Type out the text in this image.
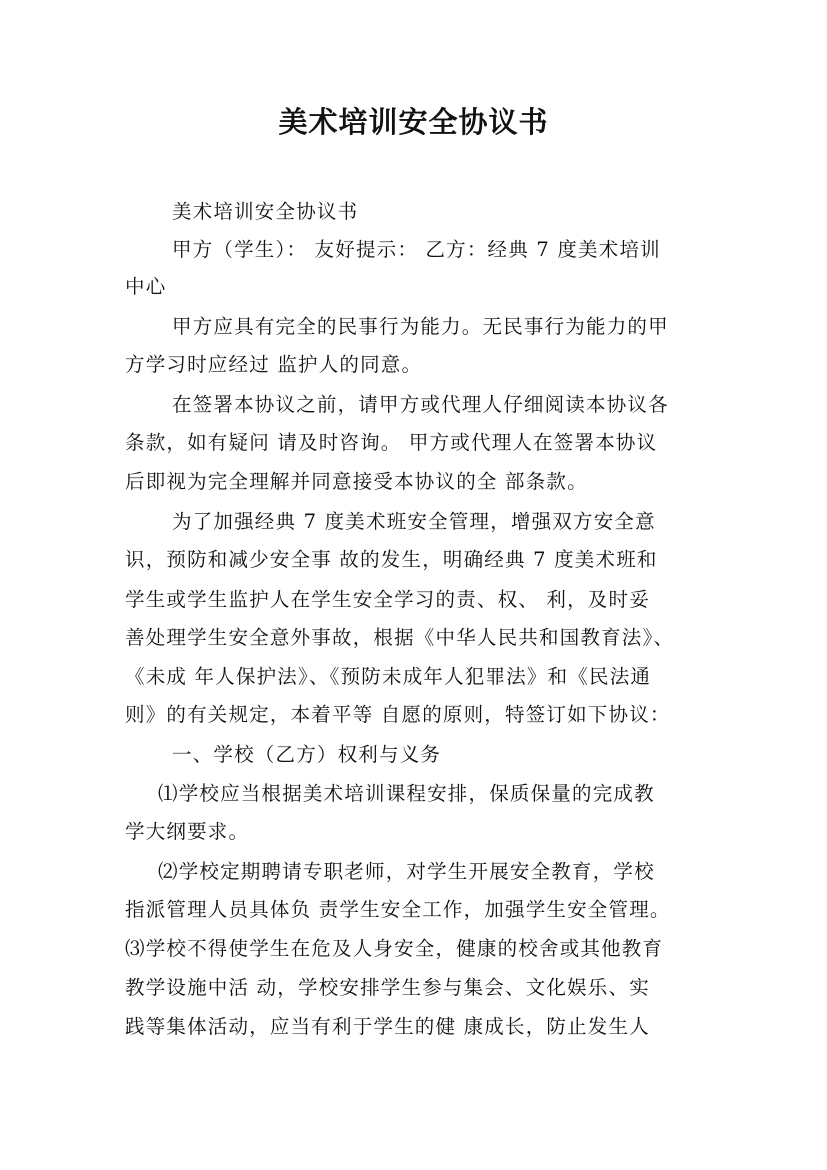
美术培训安全协议书
美术培训安全协议书
甲方（学生）： 友好提示： 乙方：经典 7 度美术培训
中心
甲方应具有完全的民事行为能力。无民事行为能力的甲
方学习时应经过 监护人的同意。
在签署本协议之前，请甲方或代理人仔细阅读本协议各
条款，如有疑问 请及时咨询。 甲方或代理人在签署本协议
后即视为完全理解并同意接受本协议的全 部条款。
为了加强经典 7 度美术班安全管理，增强双方安全意
识，预防和减少安全事 故的发生，明确经典 7 度美术班和
学生或学生监护人在学生安全学习的责、权、 利，及时妥
善处理学生安全意外事故，根据《中华人民共和国教育法》、
《未成 年人保护法》、《预防未成年人犯罪法》和《民法通
则》的有关规定，本着平等 自愿的原则，特签订如下协议：
一、学校（乙方）权利与义务
⑴学校应当根据美术培训课程安排，保质保量的完成教
学大纲要求。
⑵学校定期聘请专职老师，对学生开展安全教育，学校
指派管理人员具体负 责学生安全工作，加强学生安全管理。
⑶学校不得使学生在危及人身安全，健康的校舍或其他教育
教学设施中活 动，学校安排学生参与集会、文化娱乐、实
践等集体活动，应当有利于学生的健 康成长，防止发生人
